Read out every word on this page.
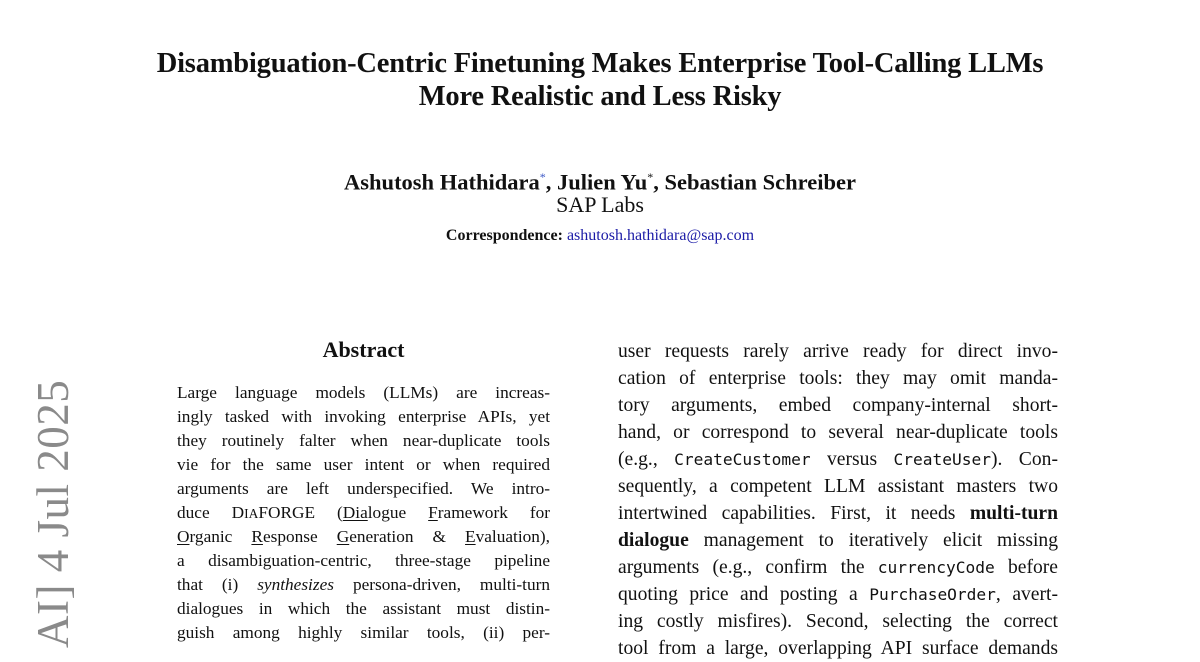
Disambiguation-Centric Finetuning Makes Enterprise Tool-Calling LLMs
More Realistic and Less Risky
Ashutosh Hathidara*, Julien Yu*, Sebastian Schreiber
SAP Labs
Correspondence: ashutosh.hathidara@sap.com
AI] 4 Jul 2025
Abstract
Large language models (LLMs) are increas-
ingly tasked with invoking enterprise APIs, yet
they routinely falter when near-duplicate tools
vie for the same user intent or when required
arguments are left underspecified. We intro-
duce DIAFORGE (Dialogue Framework for
Organic Response Generation & Evaluation),
a disambiguation-centric, three-stage pipeline
that (i) synthesizes persona-driven, multi-turn
dialogues in which the assistant must distin-
guish among highly similar tools, (ii) per-
user requests rarely arrive ready for direct invo-
cation of enterprise tools: they may omit manda-
tory arguments, embed company-internal short-
hand, or correspond to several near-duplicate tools
(e.g., CreateCustomer versus CreateUser). Con-
sequently, a competent LLM assistant masters two
intertwined capabilities. First, it needs multi-turn
dialogue management to iteratively elicit missing
arguments (e.g., confirm the currencyCode before
quoting price and posting a PurchaseOrder, avert-
ing costly misfires). Second, selecting the correct
tool from a large, overlapping API surface demands
